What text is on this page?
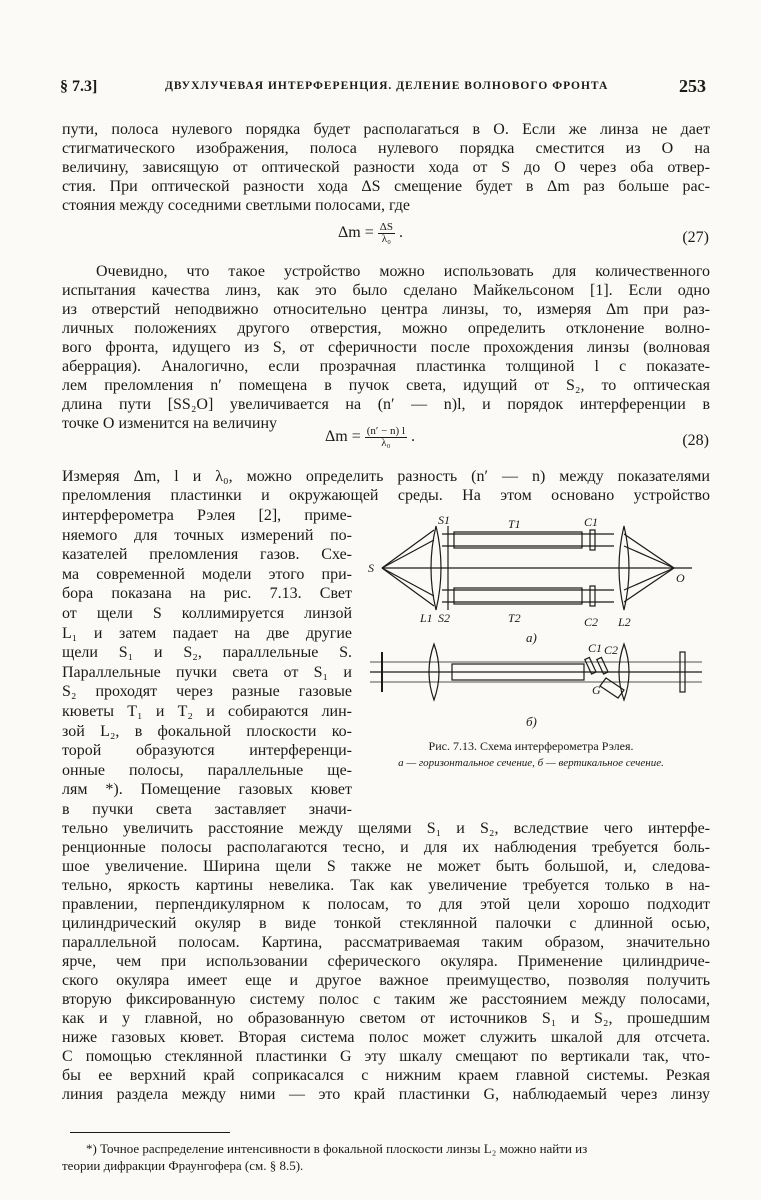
§ 7.3]	ДВУХЛУЧЕВАЯ ИНТЕРФЕРЕНЦИЯ. ДЕЛЕНИЕ ВОЛНОВОГО ФРОНТА	253
пути, полоса нулевого порядка будет располагаться в O. Если же линза не дает
стигматического изображения, полоса нулевого порядка сместится из O на
величину, зависящую от оптической разности хода от S до O через оба отвер-
стия. При оптической разности хода ΔS смещение будет в Δm раз больше рас-
стояния между соседними светлыми полосами, где
$\Delta m = \frac{\Delta S}{\text{λ₀}}$ .	(27)
Очевидно, что такое устройство можно использовать для количественного
испытания качества линз, как это было сделано Майкельсоном [1]. Если одно
из отверстий неподвижно относительно центра линзы, то, измеряя Δm при раз-
личных положениях другого отверстия, можно определить отклонение волно-
вого фронта, идущего из S, от сферичности после прохождения линзы (волновая
аберрация). Аналогично, если прозрачная пластинка толщиной l с показате-
лем преломления n′ помещена в пучок света, идущий от S₂, то оптическая
длина пути [SS₂O] увеличивается на (n′ — n)l, и порядок интерференции в
точке O изменится на величину
$\Delta m = \frac{(n' - n) l}{\text{λ₀}}$ .	(28)
Измеряя Δm, l и λ₀, можно определить разность (n′ — n) между показателями
преломления пластинки и окружающей среды. На этом основано устройство
интерферометра Рэлея [2], приме-
няемого для точных измерений по-
казателей преломления газов. Схе-
ма современной модели этого при-
бора показана на рис. 7.13. Свет
от щели S коллимируется линзой
L₁ и затем падает на две другие
щели S₁ и S₂, параллельные S.
Параллельные пучки света от S₁ и
S₂ проходят через разные газовые
кюветы T₁ и T₂ и собираются лин-
зой L₂, в фокальной плоскости ко-
торой образуются интерференци-
онные полосы, параллельные ще-
лям *). Помещение газовых кювет
в пучки света заставляет значи-
S
S1
S2
T1
T2
C1
C2
O
L1	L2
a)
C1 C2
G
б)
Рис. 7.13. Схема интерферометра Рэлея.
а — горизонтальное сечение, б — вертикальное сечение.
тельно увеличить расстояние между щелями S₁ и S₂, вследствие чего интерфе-
ренционные полосы располагаются тесно, и для их наблюдения требуется боль-
шое увеличение. Ширина щели S также не может быть большой, и, следова-
тельно, яркость картины невелика. Так как увеличение требуется только в на-
правлении, перпендикулярном к полосам, то для этой цели хорошо подходит
цилиндрический окуляр в виде тонкой стеклянной палочки с длинной осью,
параллельной полосам. Картина, рассматриваемая таким образом, значительно
ярче, чем при использовании сферического окуляра. Применение цилиндриче-
ского окуляра имеет еще и другое важное преимущество, позволяя получить
вторую фиксированную систему полос с таким же расстоянием между полосами,
как и у главной, но образованную светом от источников S₁ и S₂, прошедшим
ниже газовых кювет. Вторая система полос может служить шкалой для отсчета.
С помощью стеклянной пластинки G эту шкалу смещают по вертикали так, что-
бы ее верхний край соприкасался с нижним краем главной системы. Резкая
линия раздела между ними — это край пластинки G, наблюдаемый через линзу
*) Точное распределение интенсивности в фокальной плоскости линзы L₂ можно найти из
теории дифракции Фраунгофера (см. § 8.5).
